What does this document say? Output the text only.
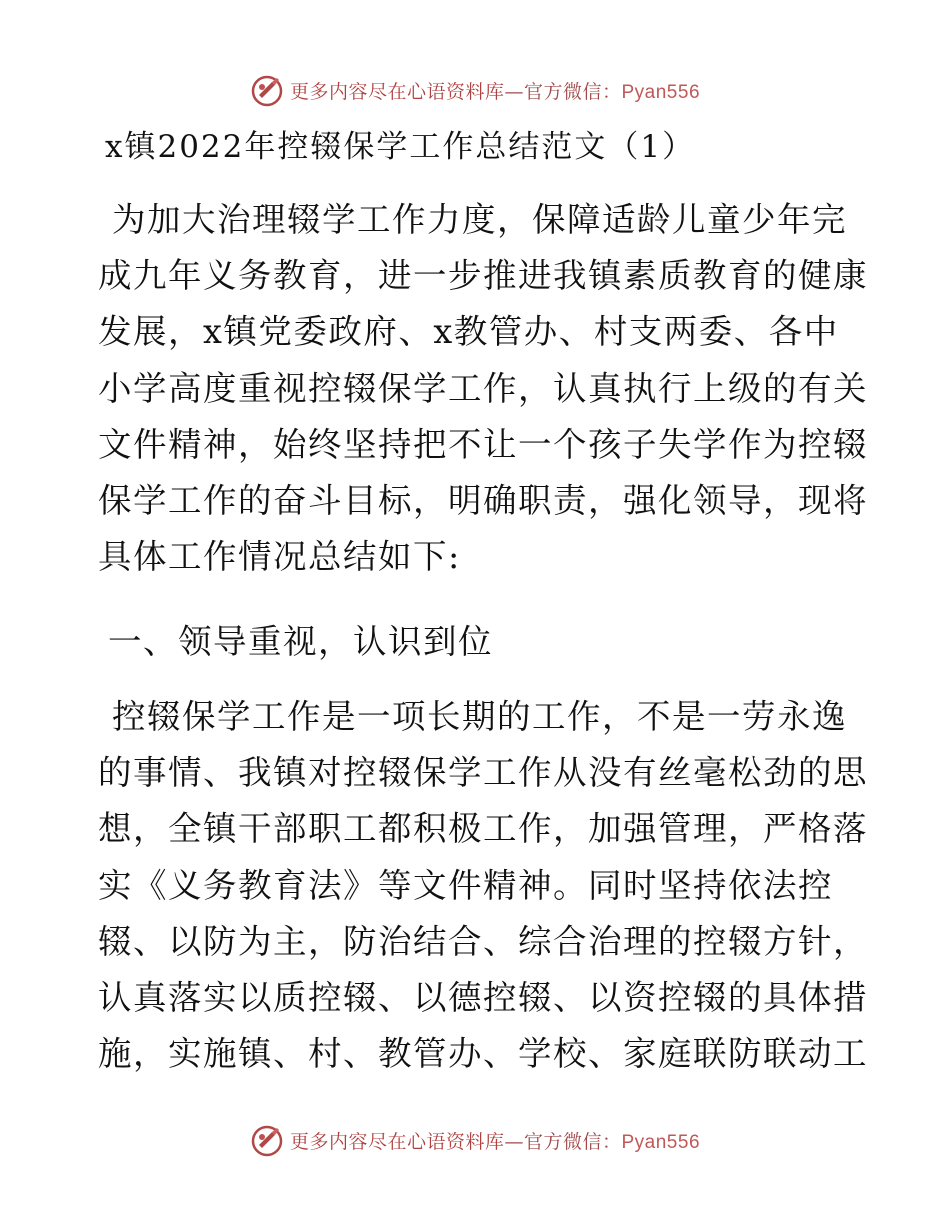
更多内容尽在心语资料库—官方微信：Pyan556
x镇2022年控辍保学工作总结范文（1）
为加大治理辍学工作力度，保障适龄儿童少年完
成九年义务教育，进一步推进我镇素质教育的健康
发展，x镇党委政府、x教管办、村支两委、各中
小学高度重视控辍保学工作，认真执行上级的有关
文件精神，始终坚持把不让一个孩子失学作为控辍
保学工作的奋斗目标，明确职责，强化领导，现将
具体工作情况总结如下:
一、领导重视，认识到位
控辍保学工作是一项长期的工作，不是一劳永逸
的事情、我镇对控辍保学工作从没有丝毫松劲的思
想，全镇干部职工都积极工作，加强管理，严格落
实《义务教育法》等文件精神。同时坚持依法控
辍、以防为主，防治结合、综合治理的控辍方针，
认真落实以质控辍、以德控辍、以资控辍的具体措
施，实施镇、村、教管办、学校、家庭联防联动工
更多内容尽在心语资料库—官方微信：Pyan556
